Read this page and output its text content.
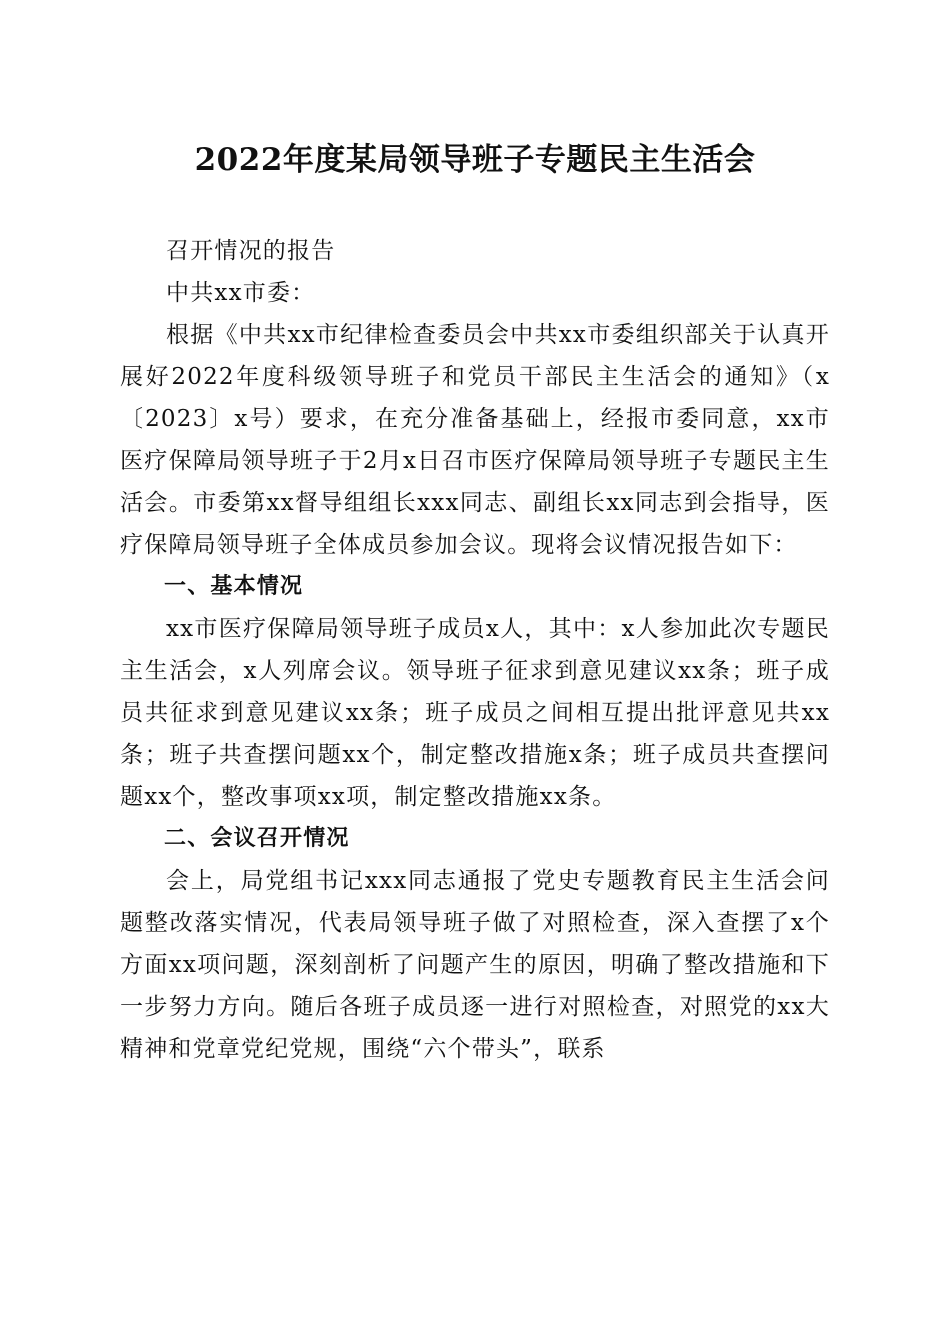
2022年度某局领导班子专题民主生活会

召开情况的报告

中共xx市委：

根据《中共xx市纪律检查委员会中共xx市委组织部关于认真开展好2022年度科级领导班子和党员干部民主生活会的通知》（x〔2023〕x号）要求，在充分准备基础上，经报市委同意，xx市医疗保障局领导班子于2月x日召市医疗保障局领导班子专题民主生活会。市委第xx督导组组长xxx同志、副组长xx同志到会指导，医疗保障局领导班子全体成员参加会议。现将会议情况报告如下：

一、基本情况

xx市医疗保障局领导班子成员x人，其中：x人参加此次专题民主生活会，x人列席会议。领导班子征求到意见建议xx条；班子成员共征求到意见建议xx条；班子成员之间相互提出批评意见共xx条；班子共查摆问题xx个，制定整改措施x条；班子成员共查摆问题xx个，整改事项xx项，制定整改措施xx条。

二、会议召开情况

会上，局党组书记xxx同志通报了党史专题教育民主生活会问题整改落实情况，代表局领导班子做了对照检查，深入查摆了x个方面xx项问题，深刻剖析了问题产生的原因，明确了整改措施和下一步努力方向。随后各班子成员逐一进行对照检查，对照党的xx大精神和党章党纪党规，围绕“六个带头”，联系
